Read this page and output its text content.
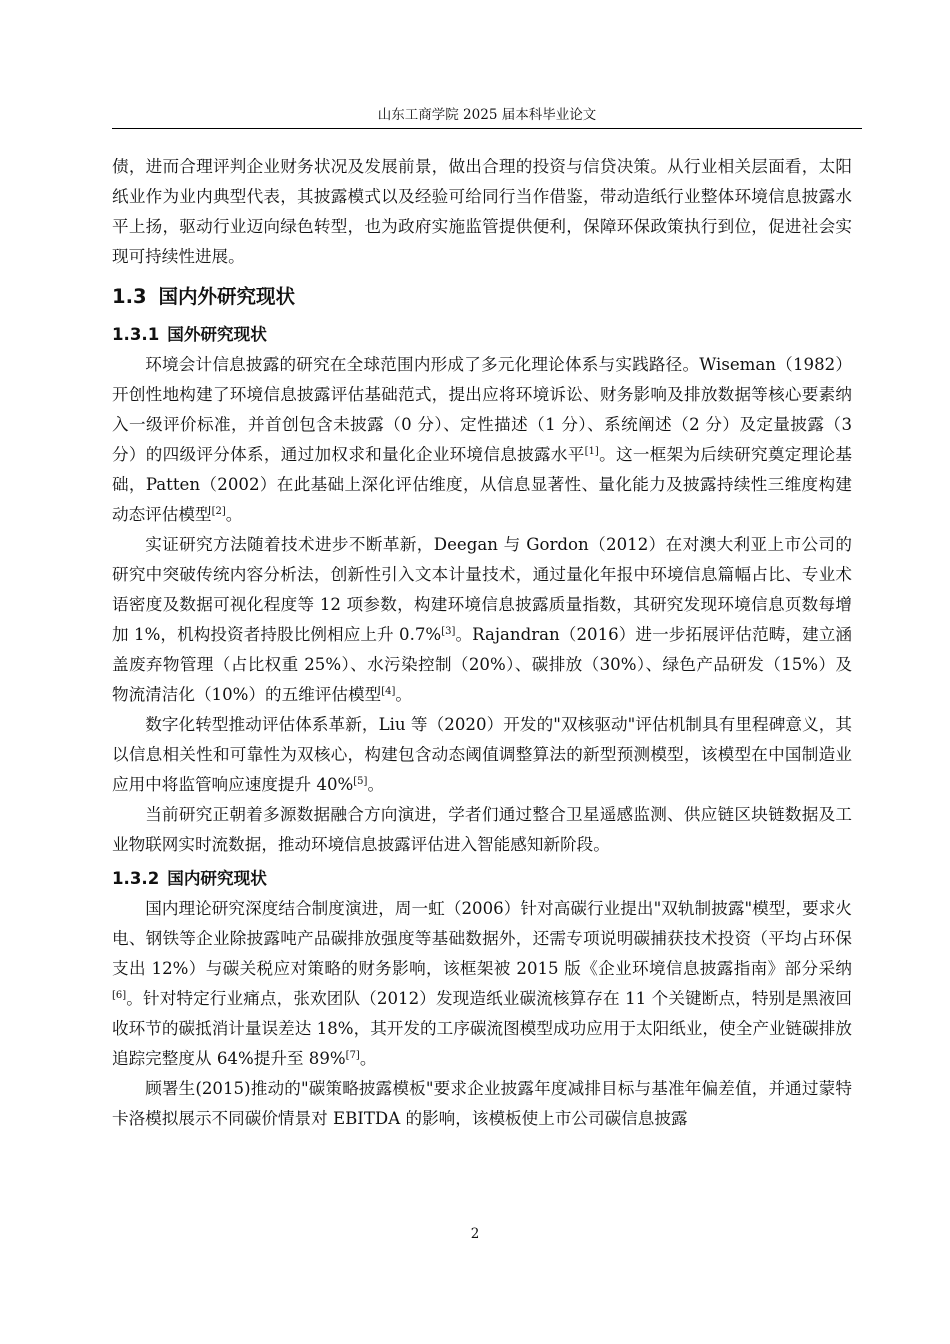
山东工商学院 2025 届本科毕业论文

债，进而合理评判企业财务状况及发展前景，做出合理的投资与信贷决策。从行业相关层面看，太阳纸业作为业内典型代表，其披露模式以及经验可给同行当作借鉴，带动造纸行业整体环境信息披露水平上扬，驱动行业迈向绿色转型，也为政府实施监管提供便利，保障环保政策执行到位，促进社会实现可持续性进展。

1.3 国内外研究现状
1.3.1 国外研究现状

环境会计信息披露的研究在全球范围内形成了多元化理论体系与实践路径。Wiseman（1982）开创性地构建了环境信息披露评估基础范式，提出应将环境诉讼、财务影响及排放数据等核心要素纳入一级评价标准，并首创包含未披露（0 分）、定性描述（1 分）、系统阐述（2 分）及定量披露（3 分）的四级评分体系，通过加权求和量化企业环境信息披露水平[1]。这一框架为后续研究奠定理论基础，Patten（2002）在此基础上深化评估维度，从信息显著性、量化能力及披露持续性三维度构建动态评估模型[2]。

实证研究方法随着技术进步不断革新，Deegan 与 Gordon（2012）在对澳大利亚上市公司的研究中突破传统内容分析法，创新性引入文本计量技术，通过量化年报中环境信息篇幅占比、专业术语密度及数据可视化程度等 12 项参数，构建环境信息披露质量指数，其研究发现环境信息页数每增加 1%，机构投资者持股比例相应上升 0.7%[3]。Rajandran（2016）进一步拓展评估范畴，建立涵盖废弃物管理（占比权重 25%）、水污染控制（20%）、碳排放（30%）、绿色产品研发（15%）及物流清洁化（10%）的五维评估模型[4]。

数字化转型推动评估体系革新，Liu 等（2020）开发的"双核驱动"评估机制具有里程碑意义，其以信息相关性和可靠性为双核心，构建包含动态阈值调整算法的新型预测模型，该模型在中国制造业应用中将监管响应速度提升 40%[5]。

当前研究正朝着多源数据融合方向演进，学者们通过整合卫星遥感监测、供应链区块链数据及工业物联网实时流数据，推动环境信息披露评估进入智能感知新阶段。

1.3.2 国内研究现状

国内理论研究深度结合制度演进，周一虹（2006）针对高碳行业提出"双轨制披露"模型，要求火电、钢铁等企业除披露吨产品碳排放强度等基础数据外，还需专项说明碳捕获技术投资（平均占环保支出 12%）与碳关税应对策略的财务影响，该框架被 2015 版《企业环境信息披露指南》部分采纳[6]。针对特定行业痛点，张欢团队（2012）发现造纸业碳流核算存在 11 个关键断点，特别是黑液回收环节的碳抵消计量误差达 18%，其开发的工序碳流图模型成功应用于太阳纸业，使全产业链碳排放追踪完整度从 64%提升至 89%[7]。

顾署生(2015)推动的"碳策略披露模板"要求企业披露年度减排目标与基准年偏差值，并通过蒙特卡洛模拟展示不同碳价情景对 EBITDA 的影响，该模板使上市公司碳信息披露

2
